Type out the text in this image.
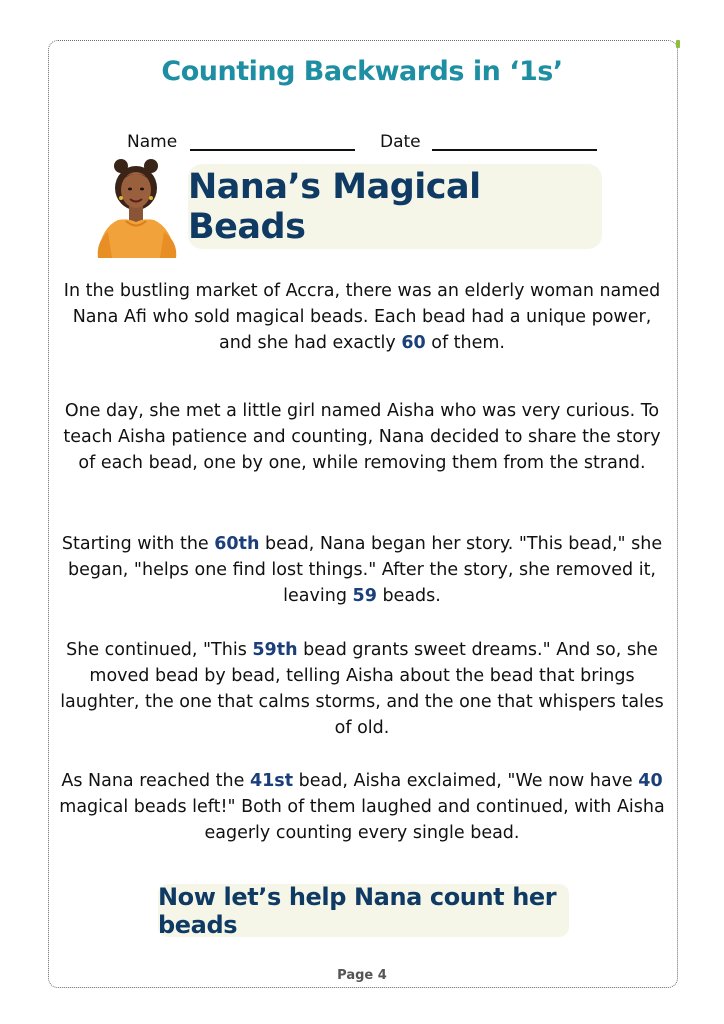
Counting Backwards in ‘1s’
Name	Date
Nana’s Magical Beads

In the bustling market of Accra, there was an elderly woman named Nana Afi who sold magical beads. Each bead had a unique power, and she had exactly 60 of them.

One day, she met a little girl named Aisha who was very curious. To teach Aisha patience and counting, Nana decided to share the story of each bead, one by one, while removing them from the strand.

Starting with the 60th bead, Nana began her story. "This bead," she began, "helps one find lost things." After the story, she removed it, leaving 59 beads.

She continued, "This 59th bead grants sweet dreams." And so, she moved bead by bead, telling Aisha about the bead that brings laughter, the one that calms storms, and the one that whispers tales of old.

As Nana reached the 41st bead, Aisha exclaimed, "We now have 40 magical beads left!" Both of them laughed and continued, with Aisha eagerly counting every single bead.

Now let’s help Nana count her beads
Page 4
